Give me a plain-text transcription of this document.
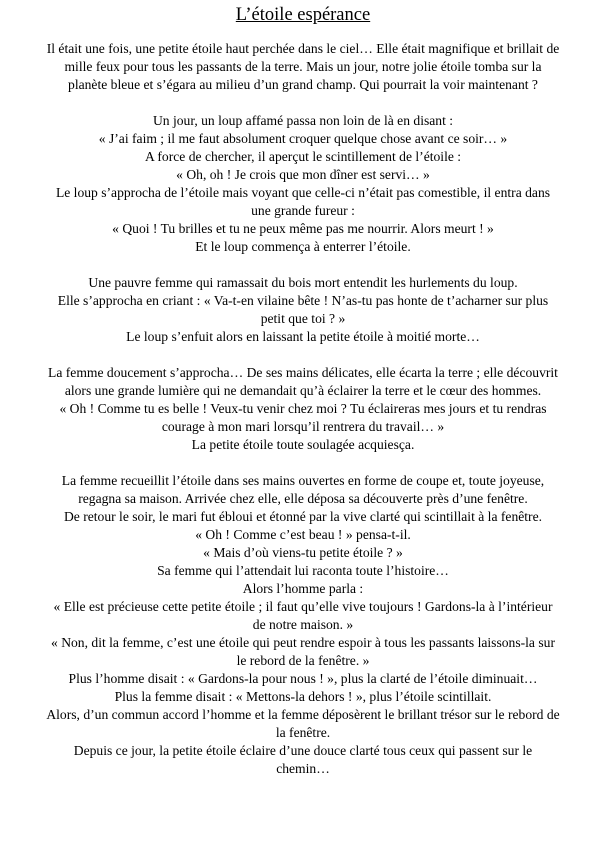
L’étoile espérance
Il était une fois, une petite étoile haut perchée dans le ciel… Elle était magnifique et brillait de
mille feux pour tous les passants de la terre. Mais un jour, notre jolie étoile tomba sur la
planète bleue et s’égara au milieu d’un grand champ. Qui pourrait la voir maintenant ?
Un jour, un loup affamé passa non loin de là en disant :
« J’ai faim ; il me faut absolument croquer quelque chose avant ce soir… »
A force de chercher, il aperçut le scintillement de l’étoile :
« Oh, oh ! Je crois que mon dîner est servi… »
Le loup s’approcha de l’étoile mais voyant que celle-ci n’était pas comestible, il entra dans
une grande fureur :
« Quoi ! Tu brilles et tu ne peux même pas me nourrir. Alors meurt ! »
Et le loup commença à enterrer l’étoile.
Une pauvre femme qui ramassait du bois mort entendit les hurlements du loup.
Elle s’approcha en criant : « Va-t-en vilaine bête ! N’as-tu pas honte de t’acharner sur plus
petit que toi ? »
Le loup s’enfuit alors en laissant la petite étoile à moitié morte…
La femme doucement s’approcha… De ses mains délicates, elle écarta la terre ; elle découvrit
alors une grande lumière qui ne demandait qu’à éclairer la terre et le cœur des hommes.
« Oh ! Comme tu es belle ! Veux-tu venir chez moi ? Tu éclaireras mes jours et tu rendras
courage à mon mari lorsqu’il rentrera du travail… »
La petite étoile toute soulagée acquiesça.
La femme recueillit l’étoile dans ses mains ouvertes en forme de coupe et, toute joyeuse,
regagna sa maison. Arrivée chez elle, elle déposa sa découverte près d’une fenêtre.
De retour le soir, le mari fut ébloui et étonné par la vive clarté qui scintillait à la fenêtre.
« Oh ! Comme c’est beau ! » pensa-t-il.
« Mais d’où viens-tu petite étoile ? »
Sa femme qui l’attendait lui raconta toute l’histoire…
Alors l’homme parla :
« Elle est précieuse cette petite étoile ; il faut qu’elle vive toujours ! Gardons-la à l’intérieur
de notre maison. »
« Non, dit la femme, c’est une étoile qui peut rendre espoir à tous les passants laissons-la sur
le rebord de la fenêtre. »
Plus l’homme disait : « Gardons-la pour nous ! », plus la clarté de l’étoile diminuait…
Plus la femme disait : « Mettons-la dehors ! », plus l’étoile scintillait.
Alors, d’un commun accord l’homme et la femme déposèrent le brillant trésor sur le rebord de
la fenêtre.
Depuis ce jour, la petite étoile éclaire d’une douce clarté tous ceux qui passent sur le
chemin…
